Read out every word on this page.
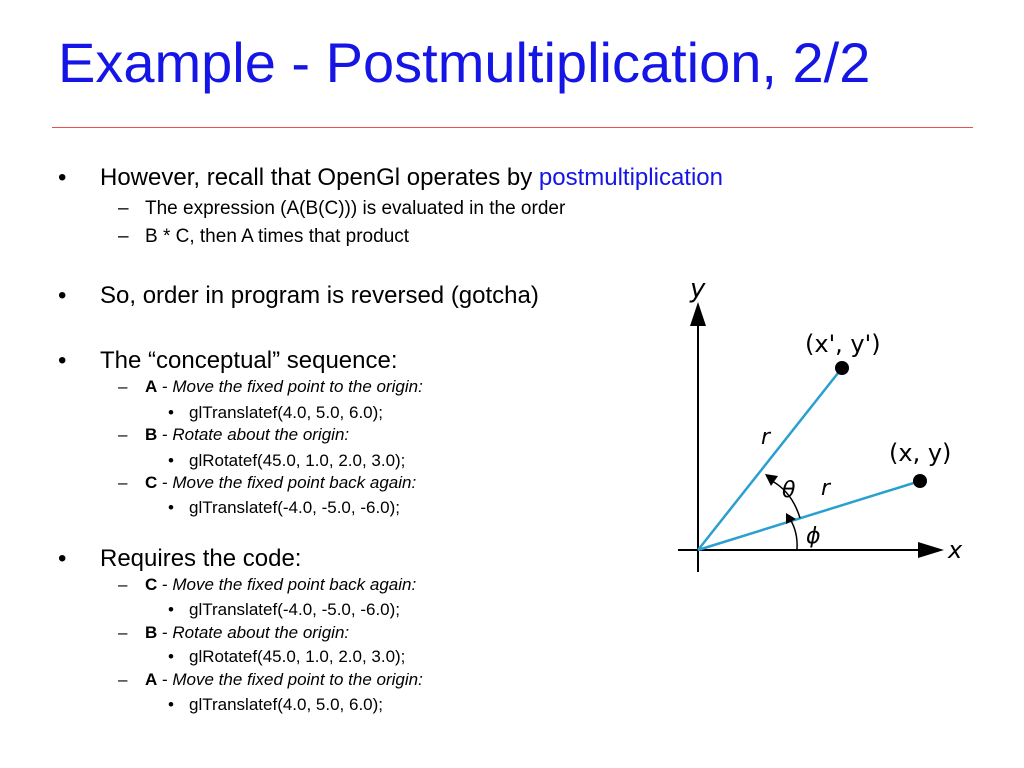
Example - Postmultiplication, 2/2
• However, recall that OpenGl operates by postmultiplication
– The expression (A(B(C))) is evaluated in the order
– B * C, then A times that product
• So, order in program is reversed (gotcha)
• The “conceptual” sequence:
– A - Move the fixed point to the origin:
• glTranslatef(4.0, 5.0, 6.0);
– B - Rotate about the origin:
• glRotatef(45.0, 1.0, 2.0, 3.0);
– C - Move the fixed point back again:
• glTranslatef(-4.0, -5.0, -6.0);
• Requires the code:
– C - Move the fixed point back again:
• glTranslatef(-4.0, -5.0, -6.0);
– B - Rotate about the origin:
• glRotatef(45.0, 1.0, 2.0, 3.0);
– A - Move the fixed point to the origin:
• glTranslatef(4.0, 5.0, 6.0);
y
x
(x', y')
(x, y)
r
r
θ
ϕ
